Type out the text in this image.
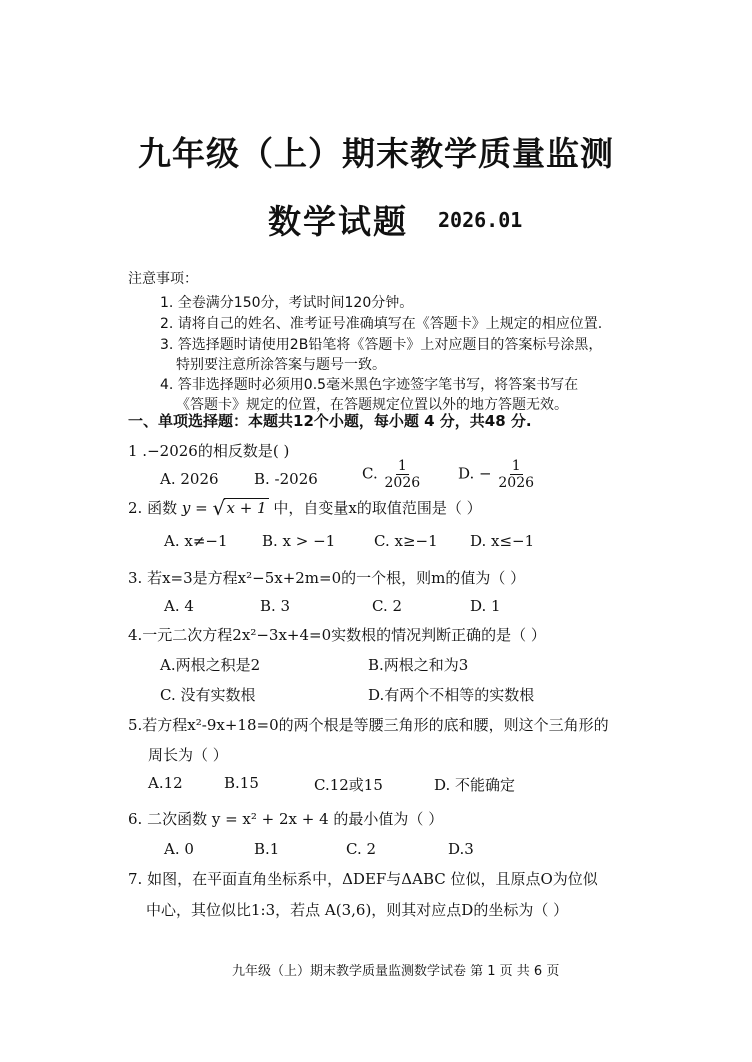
九年级（上）期末教学质量监测
数学试题 2026.01
注意事项：
1. 全卷满分150分，考试时间120分钟。
2. 请将自己的姓名、准考证号准确填写在《答题卡》上规定的相应位置.
3. 答选择题时请使用2B铅笔将《答题卡》上对应题目的答案标号涂黑，
特别要注意所涂答案与题号一致。
4. 答非选择题时必须用0.5毫米黑色字迹签字笔书写，将答案书写在
《答题卡》规定的位置，在答题规定位置以外的地方答题无效。
一、单项选择题：本题共12个小题，每小题 4 分，共48 分.
1 .−2026的相反数是( )
A. 2026 B. -2026	C. $\frac{1}{2026} D$. − $\frac{1}{2026}$
2. 函数 y = √ x + 1 中，自变量x的取值范围是（ ）
A. x≠−1 B. x > −1	C. x≥−1 D. x≤−1
3. 若x=3是方程x²−5x+2m=0的一个根，则m的值为（ ）
A. 4	B. 3	C. 2	D. 1
4.一元二次方程2x²−3x+4=0实数根的情况判断正确的是（ ）
A.两根之积是2	B.两根之和为3
C. 没有实数根	D.有两个不相等的实数根
5.若方程x²-9x+18=0的两个根是等腰三角形的底和腰，则这个三角形的
周长为（ ）
A.12	B.15	C.12或15	D. 不能确定
6. 二次函数 y = x² + 2x + 4 的最小值为（ ）
A. 0	B.1	C. 2	D.3
7. 如图，在平面直角坐标系中，ΔDEF与ΔABC 位似，且原点O为位似
中心，其位似比1:3，若点 A(3,6)，则其对应点D的坐标为（ ）
九年级（上）期末教学质量监测数学试卷 第 1 页 共 6 页
